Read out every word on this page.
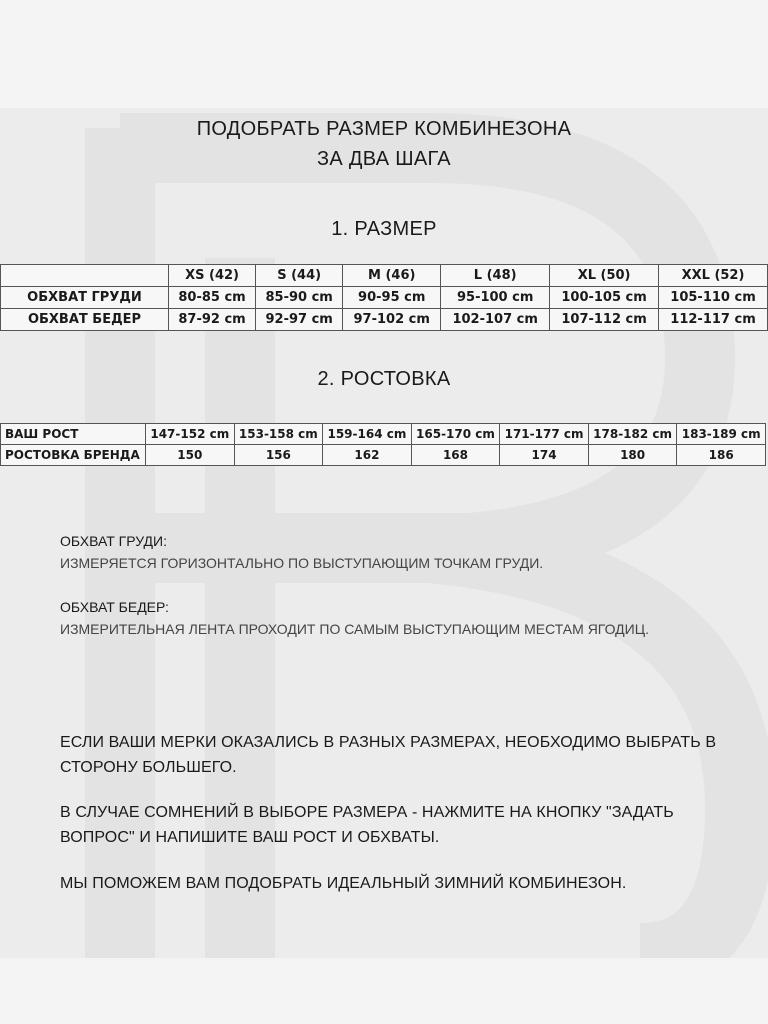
ПОДОБРАТЬ РАЗМЕР КОМБИНЕЗОНА
ЗА ДВА ШАГА
1. РАЗМЕР
	XS (42)	S (44)	M (46)	L (48)	XL (50)	XXL (52)
ОБХВАТ ГРУДИ	80-85 cm	85-90 cm	90-95 cm	95-100 cm	100-105 cm	105-110 cm
ОБХВАТ БЕДЕР	87-92 cm	92-97 cm	97-102 cm	102-107 cm	107-112 cm	112-117 cm
2. РОСТОВКА
ВАШ РОСТ	147-152 cm	153-158 cm	159-164 cm	165-170 cm	171-177 cm	178-182 cm	183-189 cm
РОСТОВКА БРЕНДА	150	156	162	168	174	180	186
ОБХВАТ ГРУДИ:
ИЗМЕРЯЕТСЯ ГОРИЗОНТАЛЬНО ПО ВЫСТУПАЮЩИМ ТОЧКАМ ГРУДИ.
ОБХВАТ БЕДЕР:
ИЗМЕРИТЕЛЬНАЯ ЛЕНТА ПРОХОДИТ ПО САМЫМ ВЫСТУПАЮЩИМ МЕСТАМ ЯГОДИЦ.
ЕСЛИ ВАШИ МЕРКИ ОКАЗАЛИСЬ В РАЗНЫХ РАЗМЕРАХ, НЕОБХОДИМО ВЫБРАТЬ В СТОРОНУ БОЛЬШЕГО.
В СЛУЧАЕ СОМНЕНИЙ В ВЫБОРЕ РАЗМЕРА - НАЖМИТЕ НА КНОПКУ "ЗАДАТЬ ВОПРОС" И НАПИШИТЕ ВАШ РОСТ И ОБХВАТЫ.
МЫ ПОМОЖЕМ ВАМ ПОДОБРАТЬ ИДЕАЛЬНЫЙ ЗИМНИЙ КОМБИНЕЗОН.
